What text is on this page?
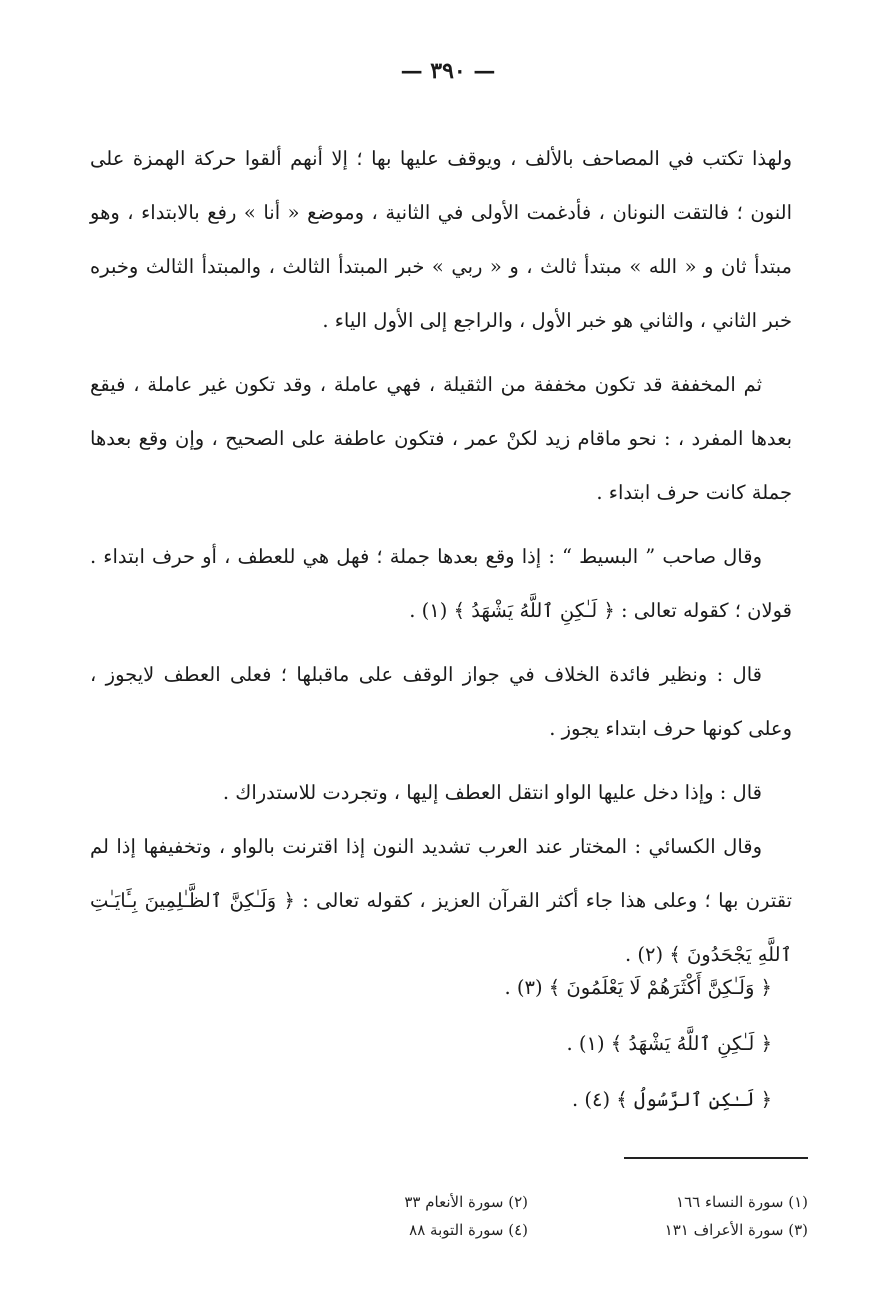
— ٣٩٠ —

ولهذا تكتب في المصاحف بالألف ، ويوقف عليها بها ؛ إلا أنهم ألقوا حركة الهمزة على النون ؛ فالتقت النونان ، فأدغمت الأولى في الثانية ، وموضع « أنا » رفع بالابتداء ، وهو مبتدأ ثان و « الله » مبتدأ ثالث ، و « ربي » خبر المبتدأ الثالث ، والمبتدأ الثالث وخبره خبر الثاني ، والثاني هو خبر الأول ، والراجع إلى الأول الياء .

ثم المخففة قد تكون مخففة من الثقيلة ، فهي عاملة ، وقد تكون غير عاملة ، فيقع بعدها المفرد ، : نحو ماقام زيد لكنْ عمر ، فتكون عاطفة على الصحيح ، وإن وقع بعدها جملة كانت حرف ابتداء .

وقال صاحب ” البسيط “ : إذا وقع بعدها جملة ؛ فهل هي للعطف ، أو حرف ابتداء . قولان ؛ كقوله تعالى : ﴿ لَـٰكِنِ ٱللَّهُ يَشْهَدُ ﴾ (١) .

قال : ونظير فائدة الخلاف في جواز الوقف على ماقبلها ؛ فعلى العطف لايجوز ، وعلى كونها حرف ابتداء يجوز .

قال : وإذا دخل عليها الواو انتقل العطف إليها ، وتجردت للاستدراك .

وقال الكسائي : المختار عند العرب تشديد النون إذا اقترنت بالواو ، وتخفيفها إذا لم تقترن بها ؛ وعلى هذا جاء أكثر القرآن العزيز ، كقوله تعالى : ﴿ وَلَـٰكِنَّ ٱلظَّـٰلِمِينَ بِـَٔايَـٰتِ ٱللَّهِ يَجْحَدُونَ ﴾ (٢) .

﴿ وَلَـٰكِنَّ أَكْثَرَهُمْ لَا يَعْلَمُونَ ﴾ (٣) .

﴿ لَـٰكِنِ ٱللَّهُ يَشْهَدُ ﴾ (١) .

﴿ لَـٰكِنِ ٱلرَّسُولُ ﴾ (٤) .

(١) سورة النساء ١٦٦
(٢) سورة الأنعام ٣٣
(٣) سورة الأعراف ١٣١
(٤) سورة التوبة ٨٨
